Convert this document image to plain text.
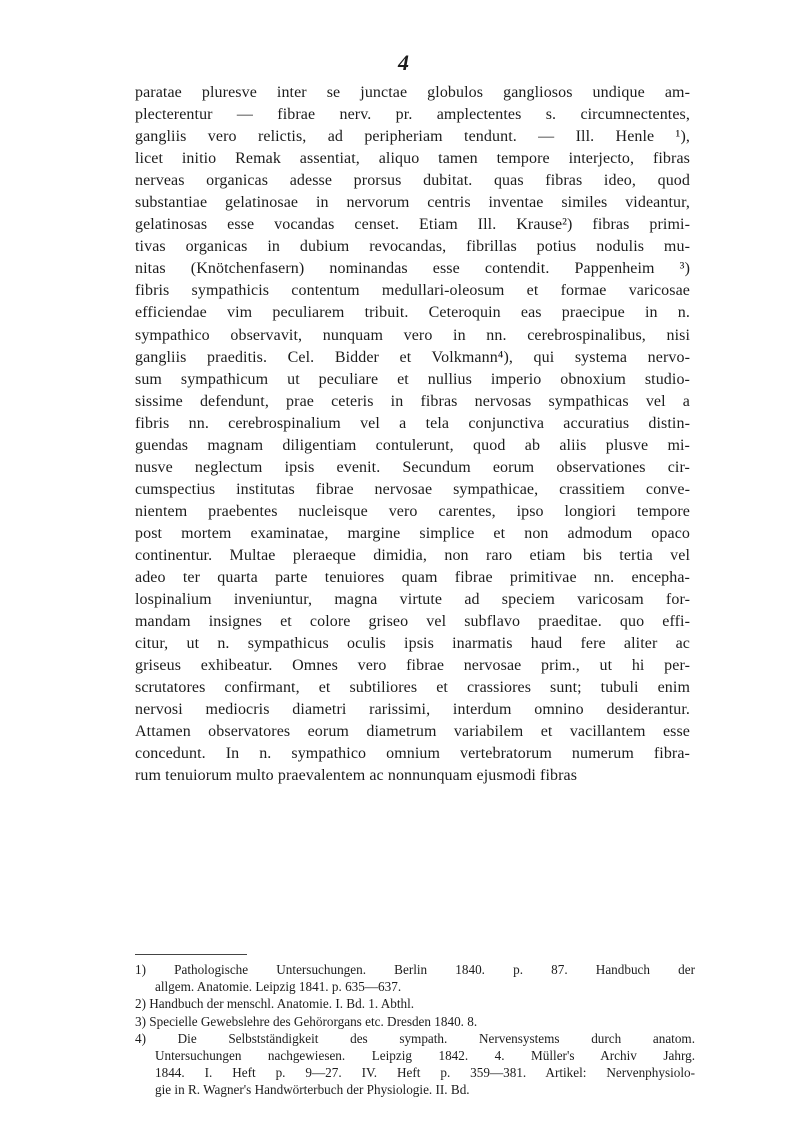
4
paratae pluresve inter se junctae globulos gangliosos undique am-
plecterentur — fibrae nerv. pr. amplectentes s. circumnectentes,
gangliis vero relictis, ad peripheriam tendunt. — Ill. Henle ¹),
licet initio Remak assentiat, aliquo tamen tempore interjecto, fibras
nerveas organicas adesse prorsus dubitat. quas fibras ideo, quod
substantiae gelatinosae in nervorum centris inventae similes videantur,
gelatinosas esse vocandas censet. Etiam Ill. Krause²) fibras primi-
tivas organicas in dubium revocandas, fibrillas potius nodulis mu-
nitas (Knötchenfasern) nominandas esse contendit. Pappenheim ³)
fibris sympathicis contentum medullari-oleosum et formae varicosae
efficiendae vim peculiarem tribuit. Ceteroquin eas praecipue in n.
sympathico observavit, nunquam vero in nn. cerebrospinalibus, nisi
gangliis praeditis. Cel. Bidder et Volkmann⁴), qui systema nervo-
sum sympathicum ut peculiare et nullius imperio obnoxium studio-
sissime defendunt, prae ceteris in fibras nervosas sympathicas vel a
fibris nn. cerebrospinalium vel a tela conjunctiva accuratius distin-
guendas magnam diligentiam contulerunt, quod ab aliis plusve mi-
nusve neglectum ipsis evenit. Secundum eorum observationes cir-
cumspectius institutas fibrae nervosae sympathicae, crassitiem conve-
nientem praebentes nucleisque vero carentes, ipso longiori tempore
post mortem examinatae, margine simplice et non admodum opaco
continentur. Multae pleraeque dimidia, non raro etiam bis tertia vel
adeo ter quarta parte tenuiores quam fibrae primitivae nn. encepha-
lospinalium inveniuntur, magna virtute ad speciem varicosam for-
mandam insignes et colore griseo vel subflavo praeditae. quo effi-
citur, ut n. sympathicus oculis ipsis inarmatis haud fere aliter ac
griseus exhibeatur. Omnes vero fibrae nervosae prim., ut hi per-
scrutatores confirmant, et subtiliores et crassiores sunt; tubuli enim
nervosi mediocris diametri rarissimi, interdum omnino desiderantur.
Attamen observatores eorum diametrum variabilem et vacillantem esse
concedunt. In n. sympathico omnium vertebratorum numerum fibra-
rum tenuiorum multo praevalentem ac nonnunquam ejusmodi fibras
1) Pathologische Untersuchungen. Berlin 1840. p. 87. Handbuch der
allgem. Anatomie. Leipzig 1841. p. 635—637.
2) Handbuch der menschl. Anatomie. I. Bd. 1. Abthl.
3) Specielle Gewebslehre des Gehörorgans etc. Dresden 1840. 8.
4) Die Selbstständigkeit des sympath. Nervensystems durch anatom.
Untersuchungen nachgewiesen. Leipzig 1842. 4. Müller's Archiv Jahrg.
1844. I. Heft p. 9—27. IV. Heft p. 359—381. Artikel: Nervenphysiolo-
gie in R. Wagner's Handwörterbuch der Physiologie. II. Bd.
